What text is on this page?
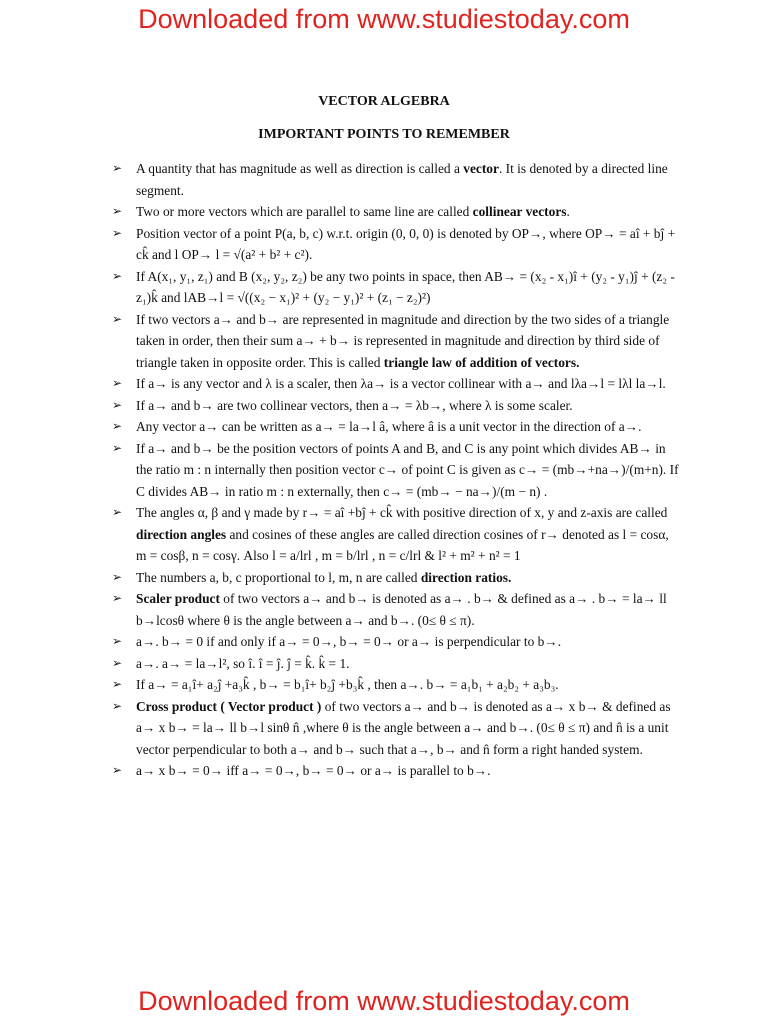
Downloaded from www.studiestoday.com
VECTOR ALGEBRA
IMPORTANT POINTS TO REMEMBER
➢ A quantity that has magnitude as well as direction is called a vector. It is denoted by a directed line segment.
➢ Two or more vectors which are parallel to same line are called collinear vectors.
➢ Position vector of a point P(a, b, c) w.r.t. origin (0, 0, 0) is denoted by OP→, where OP→ = aî + bĵ + ck̂ and l OP→ l = √(a² + b² + c²).
➢ If A(x₁, y₁, z₁) and B (x₂, y₂, z₂) be any two points in space, then AB→ = (x₂ - x₁)î + (y₂ - y₁)ĵ + (z₂ - z₁)k̂ and lAB→l = √((x₂ − x₁)² + (y₂ − y₁)² + (z₁ − z₂)²)
➢ If two vectors a→ and b→ are represented in magnitude and direction by the two sides of a triangle taken in order, then their sum a→ + b→ is represented in magnitude and direction by third side of triangle taken in opposite order. This is called triangle law of addition of vectors.
➢ If a→ is any vector and λ is a scaler, then λa→ is a vector collinear with a→ and lλa→l = lλl la→l.
➢ If a→ and b→ are two collinear vectors, then a→ = λb→, where λ is some scaler.
➢ Any vector a→ can be written as a→ = la→l â, where â is a unit vector in the direction of a→.
➢ If a→ and b→ be the position vectors of points A and B, and C is any point which divides AB→ in the ratio m : n internally then position vector c→ of point C is given as c→ = (mb→+na→)/(m+n). If C divides AB→ in ratio m : n externally, then c→ = (mb→ − na→)/(m − n) .
➢ The angles α, β and γ made by r→ = aî +bĵ + ck̂ with positive direction of x, y and z-axis are called direction angles and cosines of these angles are called direction cosines of r→ denoted as l = cosα, m = cosβ, n = cosγ. Also l = a/lrl , m = b/lrl , n = c/lrl & l² + m² + n² = 1
➢ The numbers a, b, c proportional to l, m, n are called direction ratios.
➢ Scaler product of two vectors a→ and b→ is denoted as a→ . b→ & defined as a→ . b→ = la→ ll b→lcosθ where θ is the angle between a→ and b→. (0≤ θ ≤ π).
➢ a→. b→ = 0 if and only if a→ = 0→, b→ = 0→ or a→ is perpendicular to b→.
➢ a→. a→ = la→l², so î. î = ĵ. ĵ = k̂. k̂ = 1.
➢ If a→ = a₁î+ a₂ĵ +a₃k̂ , b→ = b₁î+ b₂ĵ +b₃k̂ , then a→. b→ = a₁b₁ + a₂b₂ + a₃b₃.
➢ Cross product ( Vector product ) of two vectors a→ and b→ is denoted as a→ x b→ & defined as a→ x b→ = la→ ll b→l sinθ n̂ ,where θ is the angle between a→ and b→. (0≤ θ ≤ π) and n̂ is a unit vector perpendicular to both a→ and b→ such that a→, b→ and n̂ form a right handed system.
➢ a→ x b→ = 0→ iff a→ = 0→, b→ = 0→ or a→ is parallel to b→.
Downloaded from www.studiestoday.com
